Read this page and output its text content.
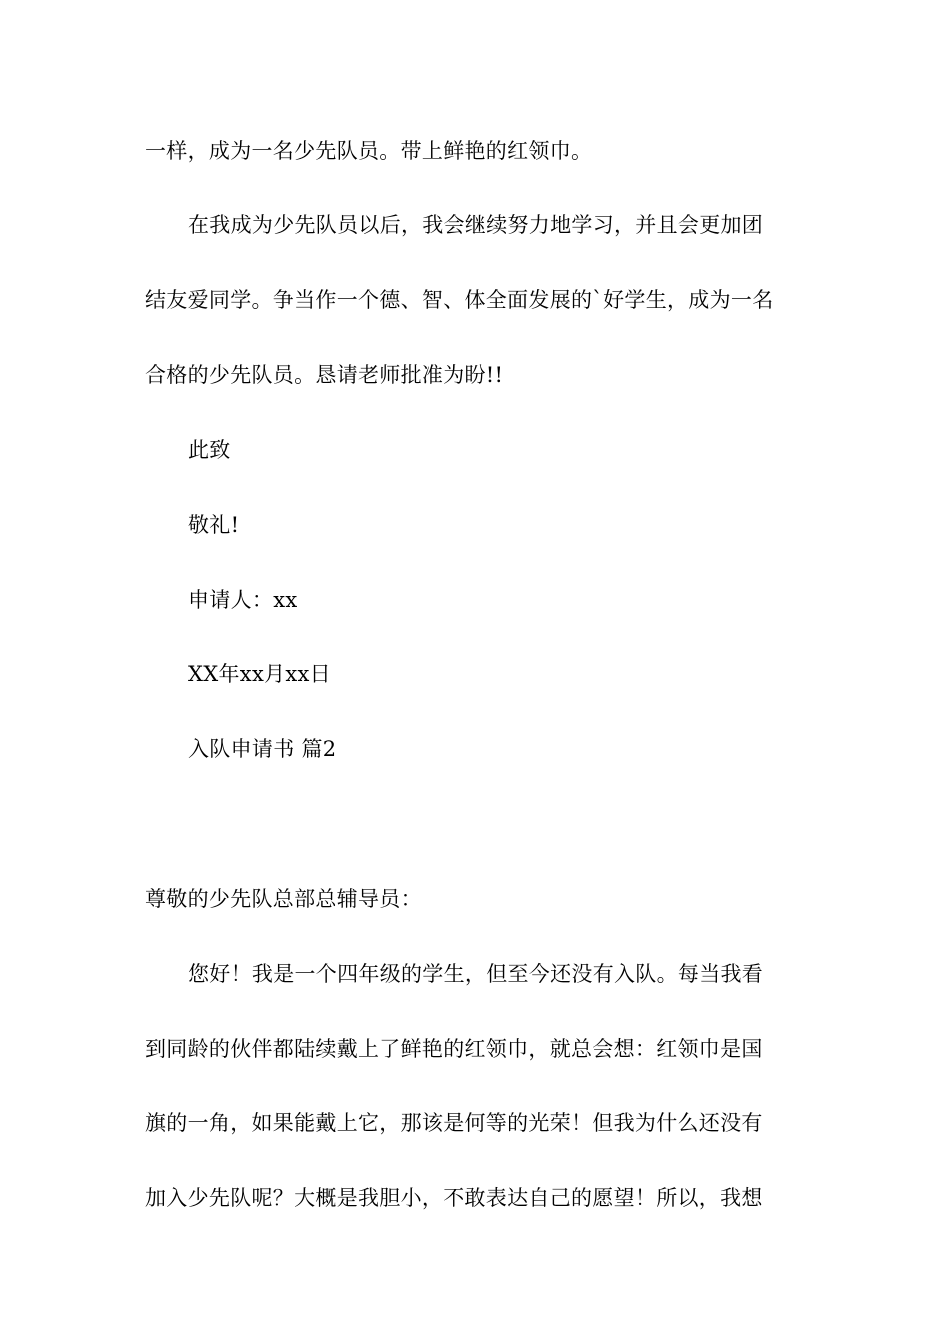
一样，成为一名少先队员。带上鲜艳的红领巾。
在我成为少先队员以后，我会继续努力地学习，并且会更加团
结友爱同学。争当作一个德、智、体全面发展的`好学生，成为一名
合格的少先队员。恳请老师批准为盼!!
此致
敬礼!
申请人：xx
XX年xx月xx日
入队申请书 篇2
尊敬的少先队总部总辅导员：
您好！我是一个四年级的学生，但至今还没有入队。每当我看
到同龄的伙伴都陆续戴上了鲜艳的红领巾，就总会想：红领巾是国
旗的一角，如果能戴上它，那该是何等的光荣！但我为什么还没有
加入少先队呢？大概是我胆小，不敢表达自己的愿望！所以，我想
